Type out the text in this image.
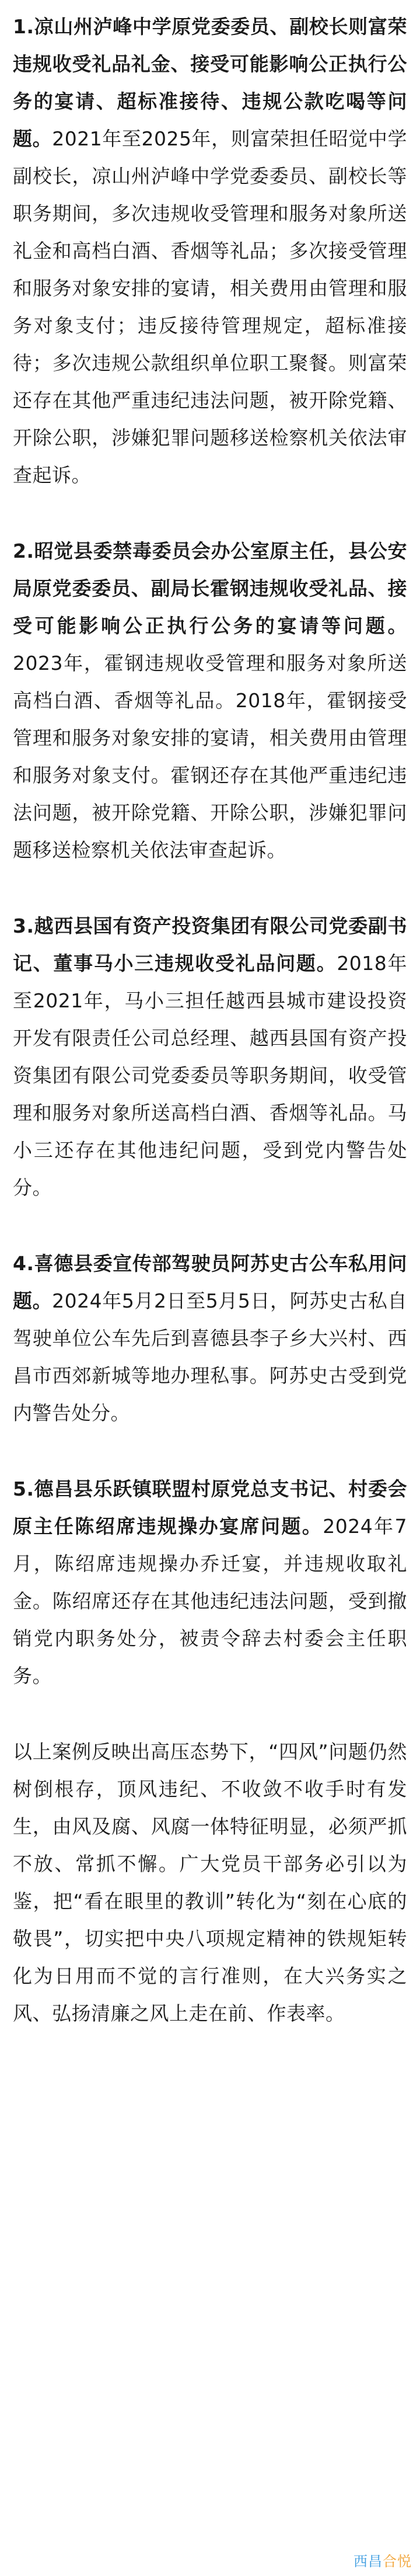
1.凉山州泸峰中学原党委委员、副校长则富荣违规收受礼品礼金、接受可能影响公正执行公务的宴请、超标准接待、违规公款吃喝等问题。2021年至2025年，则富荣担任昭觉中学副校长，凉山州泸峰中学党委委员、副校长等职务期间，多次违规收受管理和服务对象所送礼金和高档白酒、香烟等礼品；多次接受管理和服务对象安排的宴请，相关费用由管理和服务对象支付；违反接待管理规定，超标准接待；多次违规公款组织单位职工聚餐。则富荣还存在其他严重违纪违法问题，被开除党籍、开除公职，涉嫌犯罪问题移送检察机关依法审查起诉。

2.昭觉县委禁毒委员会办公室原主任，县公安局原党委委员、副局长霍钢违规收受礼品、接受可能影响公正执行公务的宴请等问题。2023年，霍钢违规收受管理和服务对象所送高档白酒、香烟等礼品。2018年，霍钢接受管理和服务对象安排的宴请，相关费用由管理和服务对象支付。霍钢还存在其他严重违纪违法问题，被开除党籍、开除公职，涉嫌犯罪问题移送检察机关依法审查起诉。

3.越西县国有资产投资集团有限公司党委副书记、董事马小三违规收受礼品问题。2018年至2021年，马小三担任越西县城市建设投资开发有限责任公司总经理、越西县国有资产投资集团有限公司党委委员等职务期间，收受管理和服务对象所送高档白酒、香烟等礼品。马小三还存在其他违纪问题，受到党内警告处分。

4.喜德县委宣传部驾驶员阿苏史古公车私用问题。2024年5月2日至5月5日，阿苏史古私自驾驶单位公车先后到喜德县李子乡大兴村、西昌市西郊新城等地办理私事。阿苏史古受到党内警告处分。

5.德昌县乐跃镇联盟村原党总支书记、村委会原主任陈绍席违规操办宴席问题。2024年7月，陈绍席违规操办乔迁宴，并违规收取礼金。陈绍席还存在其他违纪违法问题，受到撤销党内职务处分，被责令辞去村委会主任职务。

以上案例反映出高压态势下，“四风”问题仍然树倒根存，顶风违纪、不收敛不收手时有发生，由风及腐、风腐一体特征明显，必须严抓不放、常抓不懈。广大党员干部务必引以为鉴，把“看在眼里的教训”转化为“刻在心底的敬畏”，切实把中央八项规定精神的铁规矩转化为日用而不觉的言行准则，在大兴务实之风、弘扬清廉之风上走在前、作表率。

西昌合悦
